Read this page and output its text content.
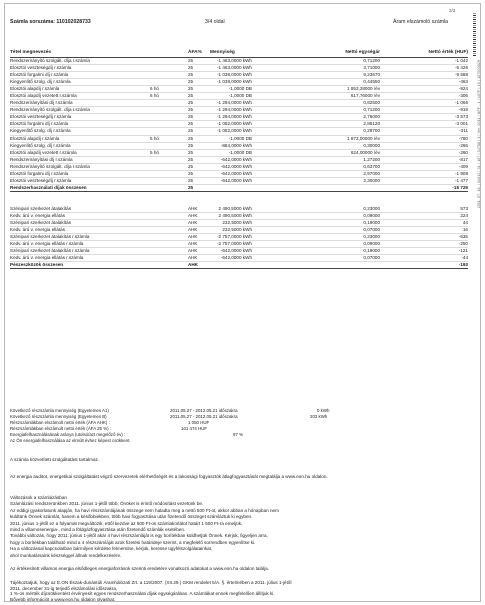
2/3
2011. 07. 18. | 01012 | 31 | 107 | 34788 | 3 | Ver. 2011 | NFF - 1 | 107F | 10 | 107003829
Számla sorszáma: 110102028733	3/4 oldal	Áram elszámoló számla
Tétel megnevezés		ÁFA%	Mennyiség	Nettó egységár	Nettó érték (HUF)
Rendszerirányító szolgált. díja r.számla		25	-1 463,0000 kWh	0,71200	-1 042
Elosztói veszteségdíj r.számla		25	-1 463,0000 kWh	3,71000	-5 426
Elosztói forgalmi díj r.számla		25	-1 038,0000 kWh	9,23670	-9 588
Kiegyenlítő szolg. díj r.számla		25	-1 038,0000 kWh	0,44550	-463
Elosztói alapdíj r.számla	6 hó	25	-1,0000 DB	1 853,28000 /év	-924
Elosztói alapdíj vezetett r.számla	6 hó	25	-1,0000 DB	617,76000 /év	-306
Rendszerirányítási díj r.számla		25	-1 294,0000 kWh	0,82500	-1 066
Rendszerirányító szolgált. díja r.számla		25	-1 294,0000 kWh	0,71200	-919
Elosztói veszteségdíj r.számla		25	-1 294,0000 kWh	2,76000	-3 573
Elosztói forgalmi díj r.számla		25	-1 052,0000 kWh	2,85120	-3 001
Kiegyenlítő szolg. díj r.számla		25	-1 052,0000 kWh	0,29700	-311
Elosztói alapdíj r.számla	5 hó	25	-1,0000 DB	1 872,00000 /év	-780
Kiegyenlítő szolg. díj r.számla		25	-884,0000 kWh	0,30000	-266
Elosztói alapdíj vezetett r.számla	5 hó	25	-1,0000 DB	624,00000 /év	-260
Rendszerirányítási díj r.számla		25	-642,0000 kWh	1,27200	-817
Rendszerirányító szolgált. díja r.számla		25	-642,0000 kWh	0,63700	-409
Elosztói forgalmi díj r.számla		25	-642,0000 kWh	2,97000	-1 908
Elosztói veszteségdíj r.számla		25	-642,0000 kWh	2,30000	-1 477
Rendszerhasználati díjak összesen		25			-15 729

Szénipari szerkezet átalakítás		AHK	2 490,5000 kWh	0,23000	573
Kedv. árú v. energia ellátás		AHK	2 490,5000 kWh	0,09000	224
Szénipari szerkezet átalakítás		AHK	232,5000 kWh	0,19000	44
Kedv. árú v. energia ellátás		AHK	232,5000 kWh	0,07000	16
Szénipari szerkezet átalakítás r.számla		AHK	-2 757,0000 kWh	0,23000	-635
Kedv. árú v. energia ellátás r.számla		AHK	-2 757,0000 kWh	0,09000	-250
Szénipari szerkezet átalakítás r.számla		AHK	-642,0000 kWh	0,19000	-121
Kedv. árú v. energia ellátás r.számla		AHK	-642,0000 kWh	0,07000	-44
Pénzeszközök összesen		AHK			-193
Következő részszámla mennyiség (Egyetemes A1)	2011.05.27 - 2012.05.21 időszakra	0 kWh
Következő részszámla mennyiség (Egyetemes B)	2011.05.27 - 2012.05.21 időszakra	203 kWh
Részszámlákban elszámolt nettó érték (ÁFA AHK) :	1 050 HUF
Részszámlákban elszámolt nettó érték (ÁFA 25 %) :	101 474 HUF
Energiafelhasználásának aránya (utolsó/azt megelőző év) :	97 %
Az Ön energiafelhasználása az elmúlt évhez képest csökkent.
A számla közvetített szolgáltatást tartalmaz.
Az energia auditot, energetikai szolgáltatást végző szervezetek elérhetőségét és a lakossági fogyasztók átlagfogyasztását megtalálja a www.eon.hu oldalon.
Változások a számlázásban
Számlázási rendszerünkben 2011. június 1-jétől több, Önöket is érintő módosítást vezetünk be.
Az eddigi gyakorlatunk alapján, ha havi részszámlájának összege nem haladta meg a nettó 500 Ft-ot, akkor abban a hónapban nem
küldtünk Önnek számlát, hanem a későbbiekben, több havi fogyasztása után fizetendő összeget számláztuk ki egyben.
2011. június 1-jétől ez a folyamat megváltozik, ettől kezdve az 500 Ft-os számlakorlátot határt 1 500 Ft-ra emeljük,
mind a villamosenergia-, mind a földgázfogyasztása után fizetendő számlák esetében.
További változás, hogy 2011. június 1-jétől akár 4 havi részszámláját is egy borítékban küldhetjük Önnek. Kérjük, figyeljen arra,
hogy a borítékban található mind a 4 részszámláját azok fizetési határideje szerint, a megfelelő sorrendben egyenlítse ki.
Ha a változással kapcsolatban bármilyen kérdése felmerülne, kérjük, keresse ügyfélszolgálatainkat,
ahol munkatársaink készséggel állnak rendelkezésére.
Az értékesített villamos energia elsődleges energiaforrások szerinti eredetére vonatkozó adatokat a www.eon.hu oldalon találja.
Tájékoztatjuk, hogy az E.ON Észak-dunántúli Áramhálózati Zrt. a 119/2007. (XII.29.) GKM rendelet 5/A. §. értelmében a 2011. július 1-jétől
2011. december 31-ig terjedő elszámolási időszakra,
1 %-os mérték díjcsökkentést érvényesít egyes rendszerhasználati díjak egységárában. A számlákat ennek megfelelően állítjuk ki.
Bővebb információt a www.eon.hu oldalon olvashat.
